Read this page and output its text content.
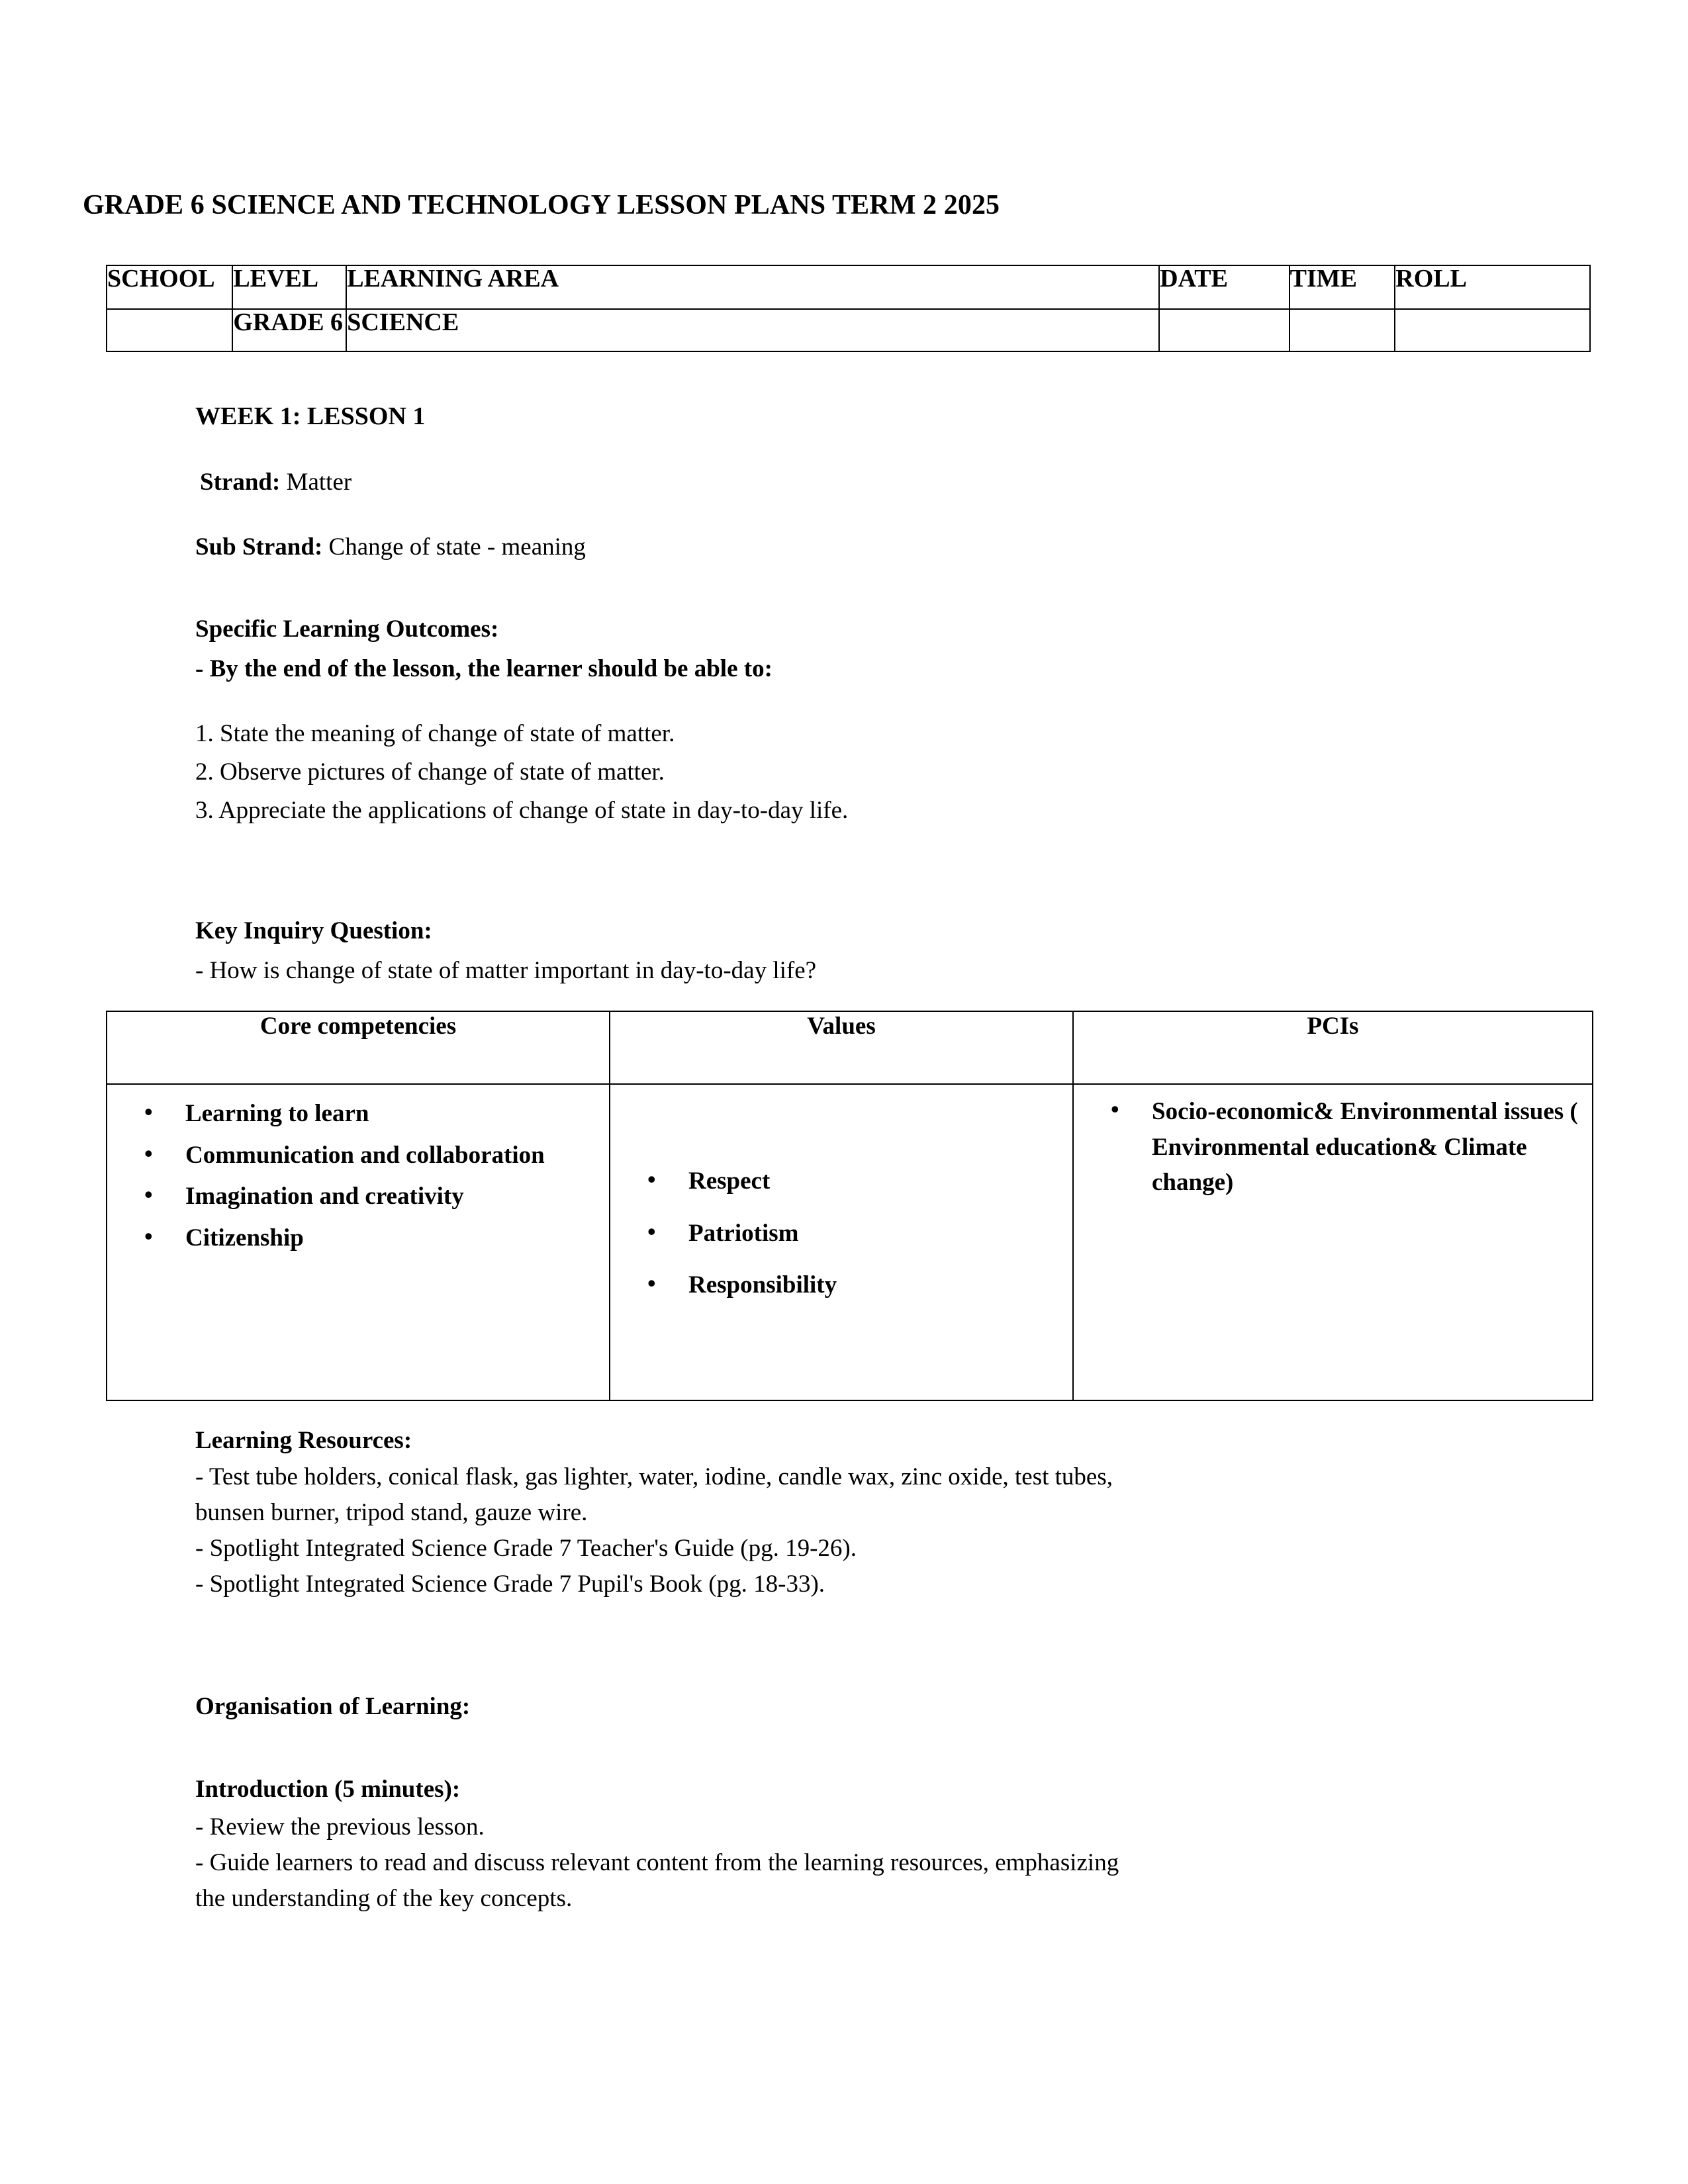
GRADE 6 SCIENCE AND TECHNOLOGY LESSON PLANS TERM 2 2025
SCHOOL	LEVEL	LEARNING AREA	DATE	TIME	ROLL
	GRADE 6	SCIENCE			
WEEK 1: LESSON 1
Strand: Matter
Sub Strand: Change of state - meaning
Specific Learning Outcomes:
- By the end of the lesson, the learner should be able to:
1. State the meaning of change of state of matter.
2. Observe pictures of change of state of matter.
3. Appreciate the applications of change of state in day-to-day life.
Key Inquiry Question:
- How is change of state of matter important in day-to-day life?
Core competencies	Values	PCIs

• Learning to learn
• Communication and collaboration
• Imagination and creativity
• Citizenship

• Respect
• Patriotism
• Responsibility

• Socio-economic& Environmental issues ( Environmental education& Climate change)
Learning Resources:
- Test tube holders, conical flask, gas lighter, water, iodine, candle wax, zinc oxide, test tubes,
bunsen burner, tripod stand, gauze wire.
- Spotlight Integrated Science Grade 7 Teacher's Guide (pg. 19-26).
- Spotlight Integrated Science Grade 7 Pupil's Book (pg. 18-33).
Organisation of Learning:
Introduction (5 minutes):
- Review the previous lesson.
- Guide learners to read and discuss relevant content from the learning resources, emphasizing
the understanding of the key concepts.
